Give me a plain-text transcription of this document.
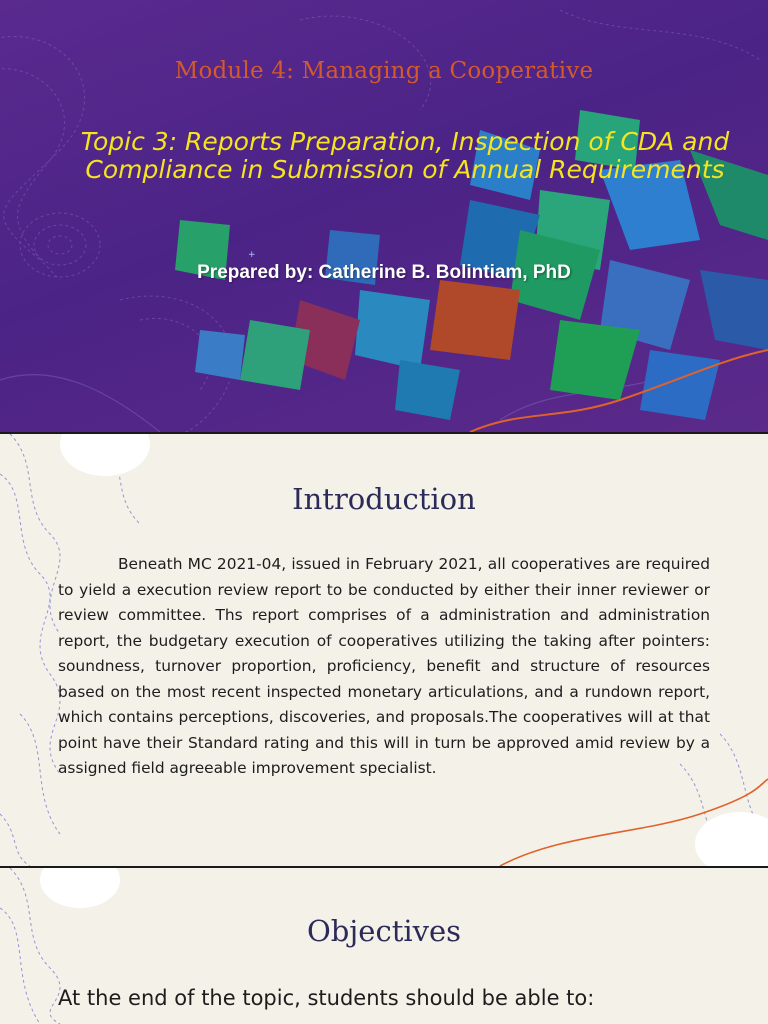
Module 4: Managing a Cooperative
Topic 3: Reports Preparation, Inspection of CDA and Compliance in Submission of Annual Requirements
+
Prepared by: Catherine B. Bolintiam, PhD
Introduction
Beneath MC 2021-04, issued in February 2021, all cooperatives are required to yield a execution review report to be conducted by either their inner reviewer or review committee. Ths report comprises of a administration and administration report, the budgetary execution of cooperatives utilizing the taking after pointers: soundness, turnover proportion, proficiency, benefit and structure of resources based on the most recent inspected monetary articulations, and a rundown report, which contains perceptions, discoveries, and proposals.The cooperatives will at that point have their Standard rating and this will in turn be approved amid review by a assigned field agreeable improvement specialist.
Objectives
At the end of the topic, students should be able to:
